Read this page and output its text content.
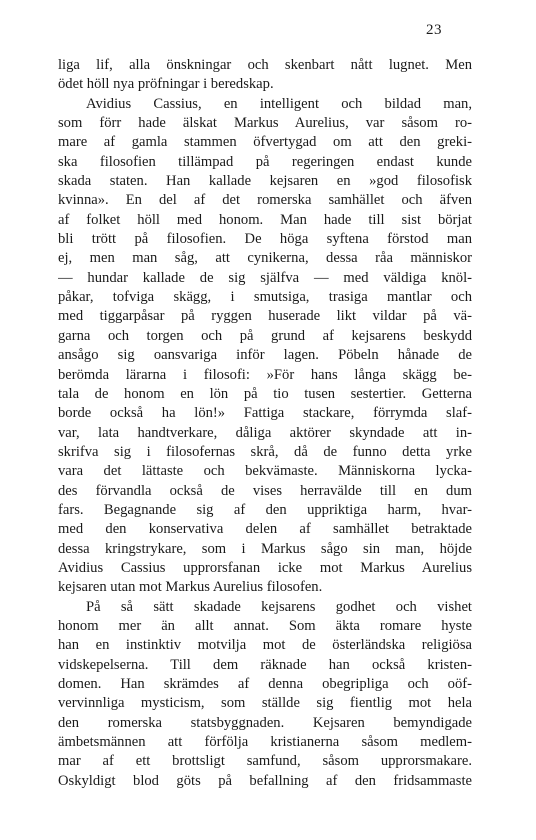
23
liga lif, alla önskningar och skenbart nått lugnet. Men
ödet höll nya pröfningar i beredskap.
Avidius Cassius, en intelligent och bildad man,
som förr hade älskat Markus Aurelius, var såsom ro-
mare af gamla stammen öfvertygad om att den greki-
ska filosofien tillämpad på regeringen endast kunde
skada staten. Han kallade kejsaren en »god filosofisk
kvinna». En del af det romerska samhället och äfven
af folket höll med honom. Man hade till sist börjat
bli trött på filosofien. De höga syftena förstod man
ej, men man såg, att cynikerna, dessa råa människor
— hundar kallade de sig själfva — med väldiga knöl-
påkar, tofviga skägg, i smutsiga, trasiga mantlar och
med tiggarpåsar på ryggen huserade likt vildar på vä-
garna och torgen och på grund af kejsarens beskydd
ansågo sig oansvariga inför lagen. Pöbeln hånade de
berömda lärarna i filosofi: »För hans långa skägg be-
tala de honom en lön på tio tusen sestertier. Getterna
borde också ha lön!» Fattiga stackare, förrymda slaf-
var, lata handtverkare, dåliga aktörer skyndade att in-
skrifva sig i filosofernas skrå, då de funno detta yrke
vara det lättaste och bekvämaste. Människorna lycka-
des förvandla också de vises herravälde till en dum
fars. Begagnande sig af den uppriktiga harm, hvar-
med den konservativa delen af samhället betraktade
dessa kringstrykare, som i Markus sågo sin man, höjde
Avidius Cassius upprorsfanan icke mot Markus Aurelius
kejsaren utan mot Markus Aurelius filosofen.
På så sätt skadade kejsarens godhet och vishet
honom mer än allt annat. Som äkta romare hyste
han en instinktiv motvilja mot de österländska religiösa
vidskepelserna. Till dem räknade han också kristen-
domen. Han skrämdes af denna obegripliga och oöf-
vervinnliga mysticism, som ställde sig fientlig mot hela
den romerska statsbyggnaden. Kejsaren bemyndigade
ämbetsmännen att förfölja kristianerna såsom medlem-
mar af ett brottsligt samfund, såsom upprorsmakare.
Oskyldigt blod göts på befallning af den fridsammaste
